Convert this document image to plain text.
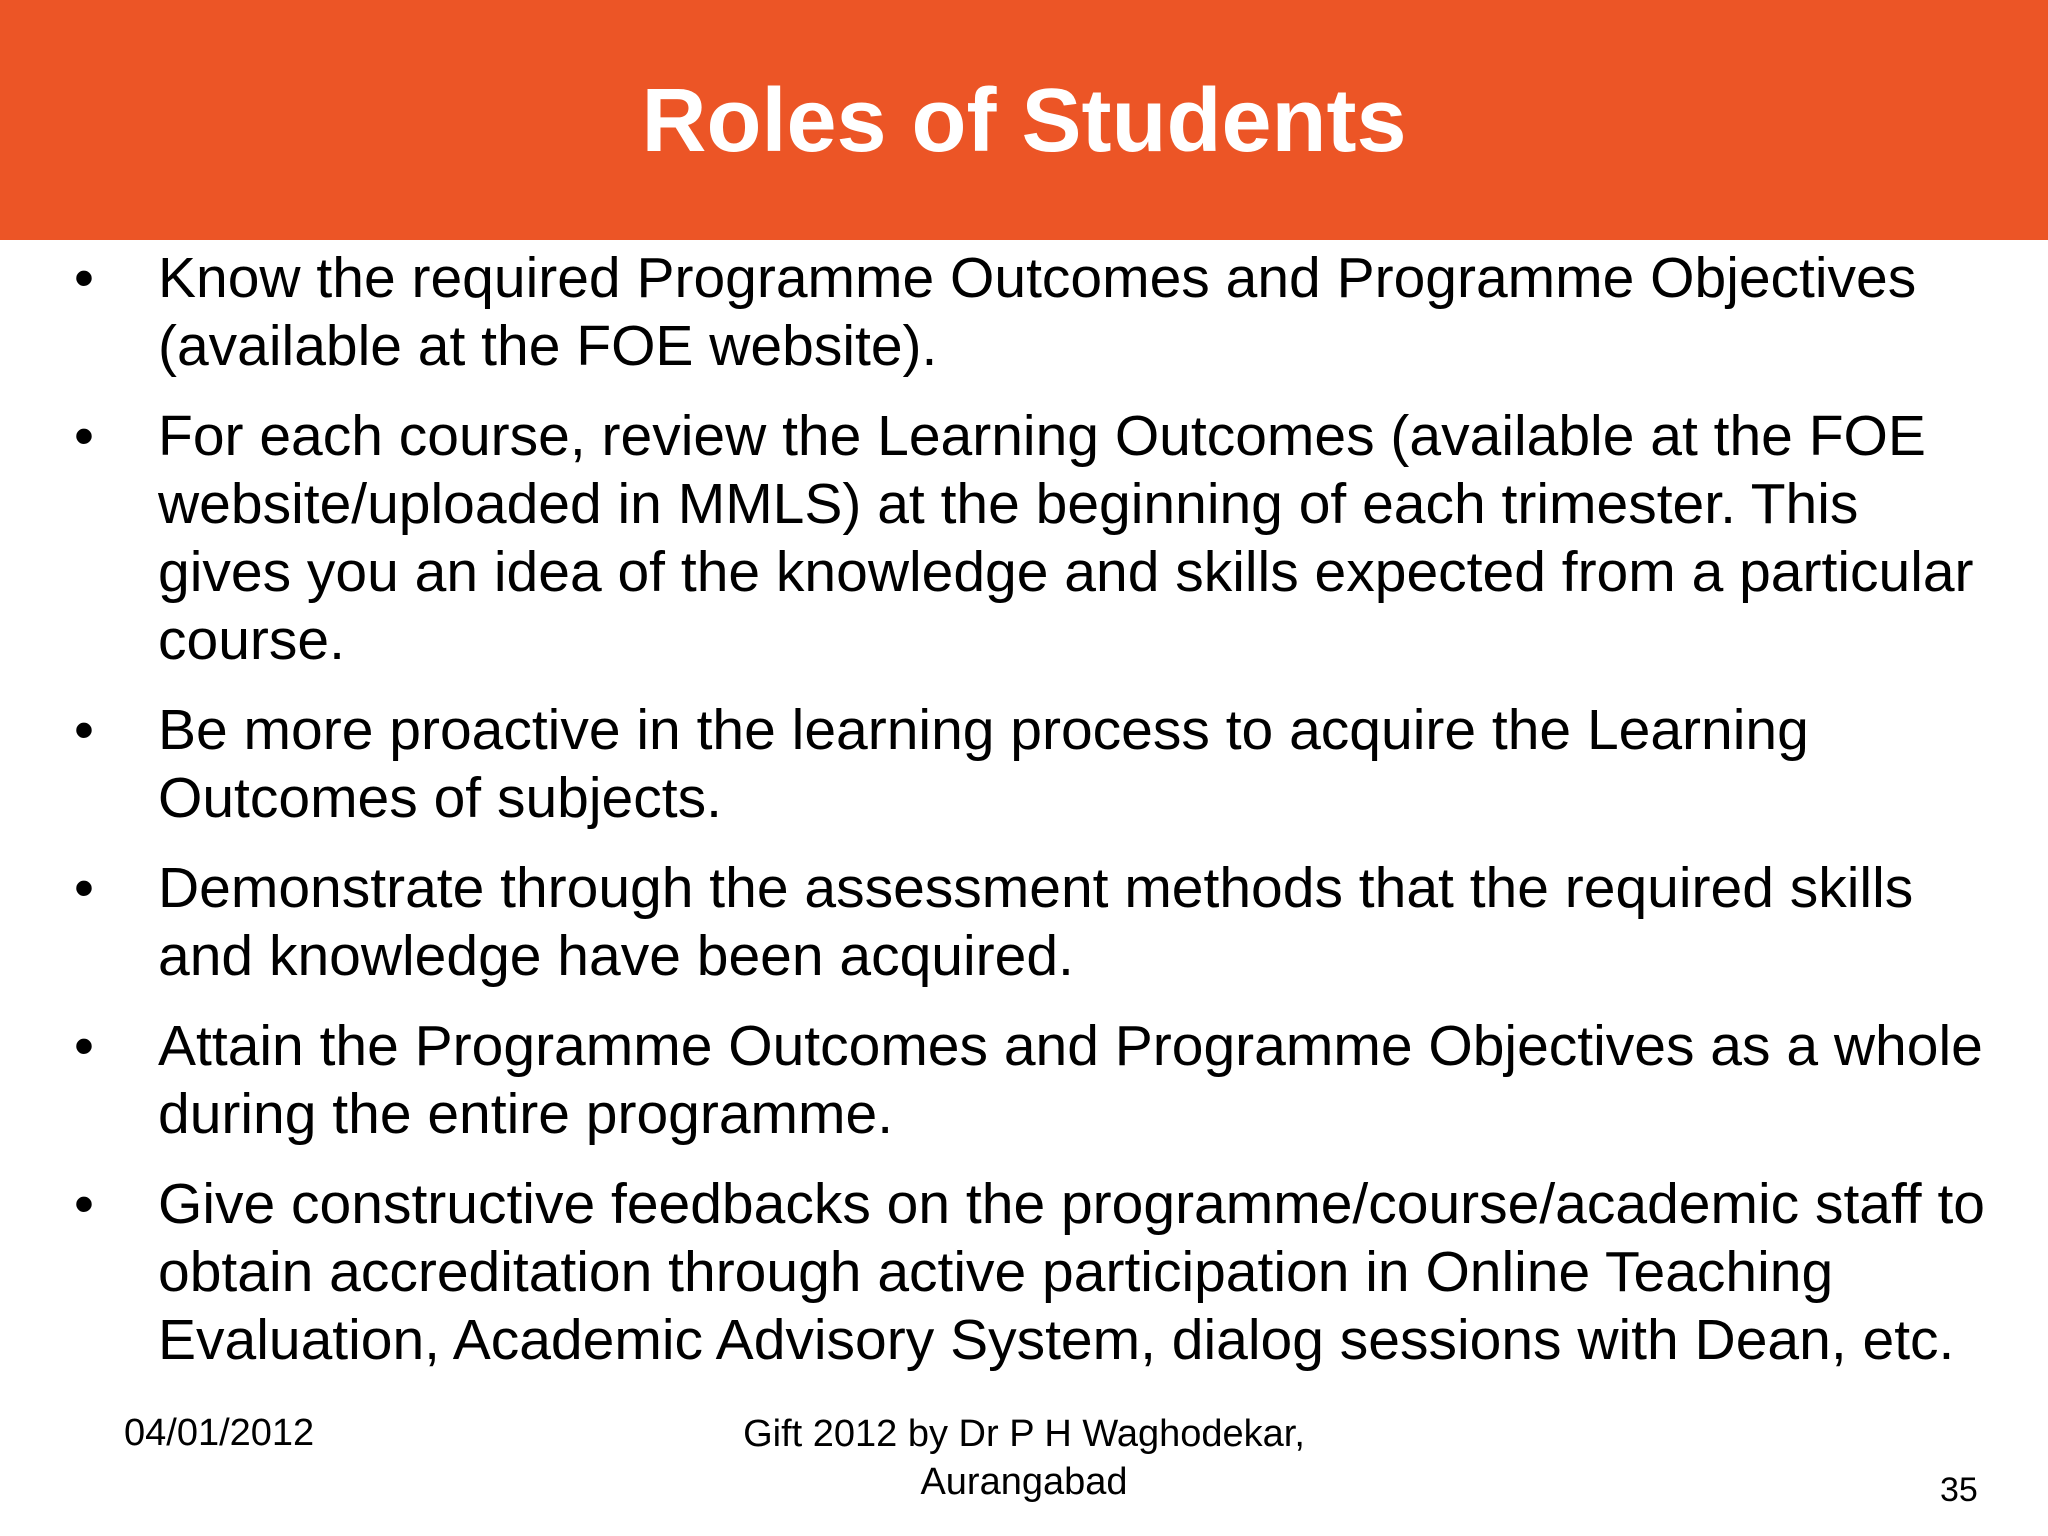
Roles of Students
• Know the required Programme Outcomes and Programme Objectives (available at the FOE website).
• For each course, review the Learning Outcomes (available at the FOE website/uploaded in MMLS) at the beginning of each trimester. This gives you an idea of the knowledge and skills expected from a particular course.
• Be more proactive in the learning process to acquire the Learning Outcomes of subjects.
• Demonstrate through the assessment methods that the required skills and knowledge have been acquired.
• Attain the Programme Outcomes and Programme Objectives as a whole during the entire programme.
• Give constructive feedbacks on the programme/course/academic staff to obtain accreditation through active participation in Online Teaching Evaluation, Academic Advisory System, dialog sessions with Dean, etc.
04/01/2012	Gift 2012 by Dr P H Waghodekar,
Aurangabad	35
